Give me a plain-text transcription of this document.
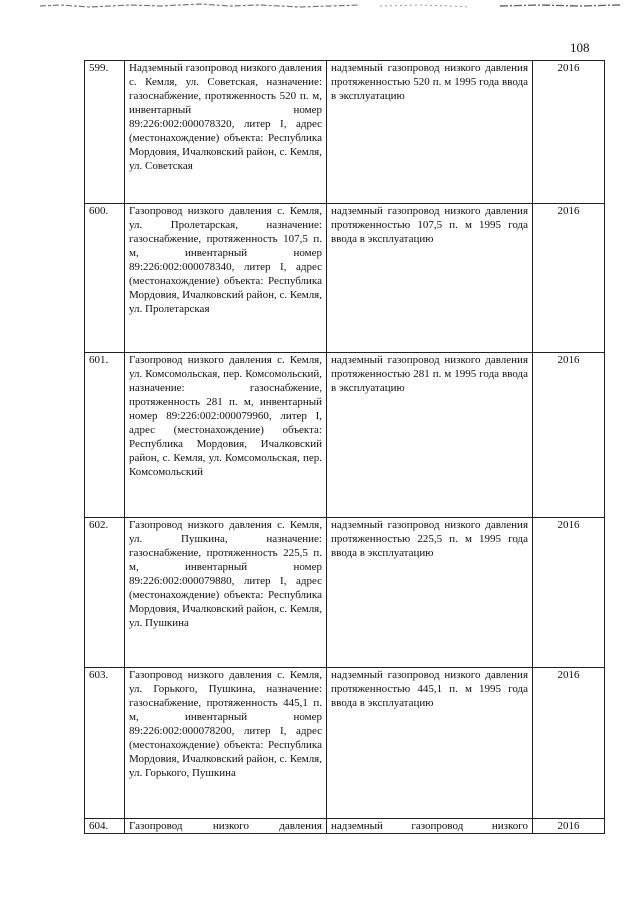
108
599.	Надземный газопровод низкого давления с. Кемля, ул. Советская, назначение: газоснабжение, протяженность 520 п. м, инвентарный номер 89:226:002:000078320, литер I, адрес (местонахождение) объекта: Республика Мордовия, Ичалковский район, с. Кемля, ул. Советская	надземный газопровод низкого давления протяженностью 520 п. м 1995 года ввода в эксплуатацию	2016
600.	Газопровод низкого давления с. Кемля, ул. Пролетарская, назначение: газоснабжение, протяженность 107,5 п. м, инвентарный номер 89:226:002:000078340, литер I, адрес (местонахождение) объекта: Республика Мордовия, Ичалковский район, с. Кемля, ул. Пролетарская	надземный газопровод низкого давления протяженностью 107,5 п. м 1995 года ввода в эксплуатацию	2016
601.	Газопровод низкого давления с. Кемля, ул. Комсомольская, пер. Комсомольский, назначение: газоснабжение, протяженность 281 п. м, инвентарный номер 89:226:002:000079960, литер I, адрес (местонахождение) объекта: Республика Мордовия, Ичалковский район, с. Кемля, ул. Комсомольская, пер. Комсомольский	надземный газопровод низкого давления протяженностью 281 п. м 1995 года ввода в эксплуатацию	2016
602.	Газопровод низкого давления с. Кемля, ул. Пушкина, назначение: газоснабжение, протяженность 225,5 п. м, инвентарный номер 89:226:002:000079880, литер I, адрес (местонахождение) объекта: Республика Мордовия, Ичалковский район, с. Кемля, ул. Пушкина	надземный газопровод низкого давления протяженностью 225,5 п. м 1995 года ввода в эксплуатацию	2016
603.	Газопровод низкого давления с. Кемля, ул. Горького, Пушкина, назначение: газоснабжение, протяженность 445,1 п. м, инвентарный номер 89:226:002:000078200, литер I, адрес (местонахождение) объекта: Республика Мордовия, Ичалковский район, с. Кемля, ул. Горького, Пушкина	надземный газопровод низкого давления протяженностью 445,1 п. м 1995 года ввода в эксплуатацию	2016
604.	Газопровод низкого давления	надземный газопровод низкого	2016
